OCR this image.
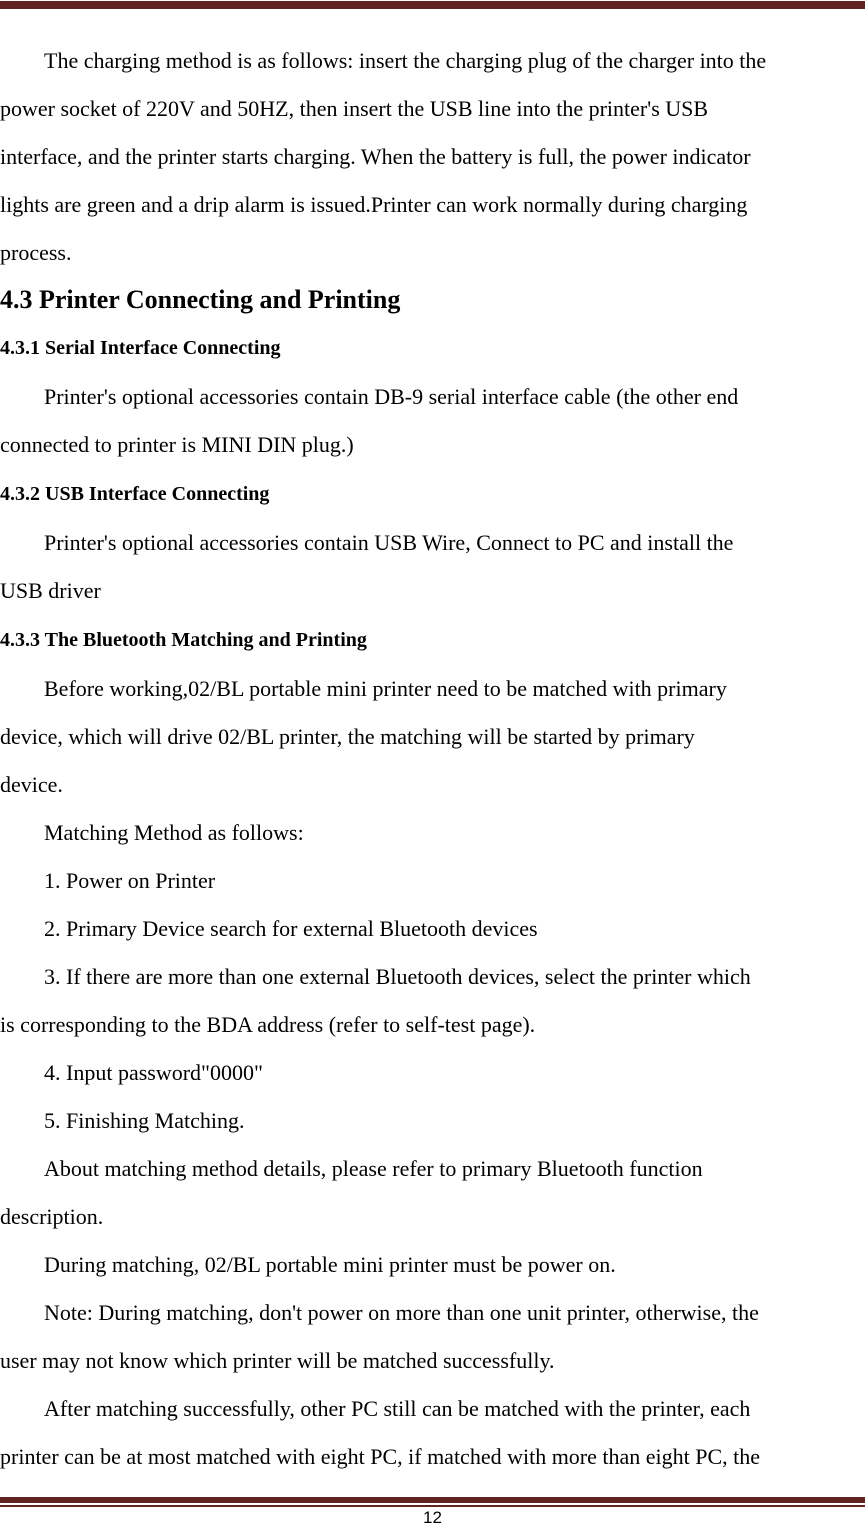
The charging method is as follows: insert the charging plug of the charger into the
power socket of 220V and 50HZ, then insert the USB line into the printer's USB
interface, and the printer starts charging. When the battery is full, the power indicator
lights are green and a drip alarm is issued.Printer can work normally during charging
process.
4.3 Printer Connecting and Printing
4.3.1 Serial Interface Connecting
Printer's optional accessories contain DB-9 serial interface cable (the other end
connected to printer is MINI DIN plug.)
4.3.2 USB Interface Connecting
Printer's optional accessories contain USB Wire, Connect to PC and install the
USB driver
4.3.3 The Bluetooth Matching and Printing
Before working,02/BL portable mini printer need to be matched with primary
device, which will drive 02/BL printer, the matching will be started by primary
device.
Matching Method as follows:
1. Power on Printer
2. Primary Device search for external Bluetooth devices
3. If there are more than one external Bluetooth devices, select the printer which
is corresponding to the BDA address (refer to self-test page).
4. Input password"0000"
5. Finishing Matching.
About matching method details, please refer to primary Bluetooth function
description.
During matching, 02/BL portable mini printer must be power on.
Note: During matching, don't power on more than one unit printer, otherwise, the
user may not know which printer will be matched successfully.
After matching successfully, other PC still can be matched with the printer, each
printer can be at most matched with eight PC, if matched with more than eight PC, the
12
